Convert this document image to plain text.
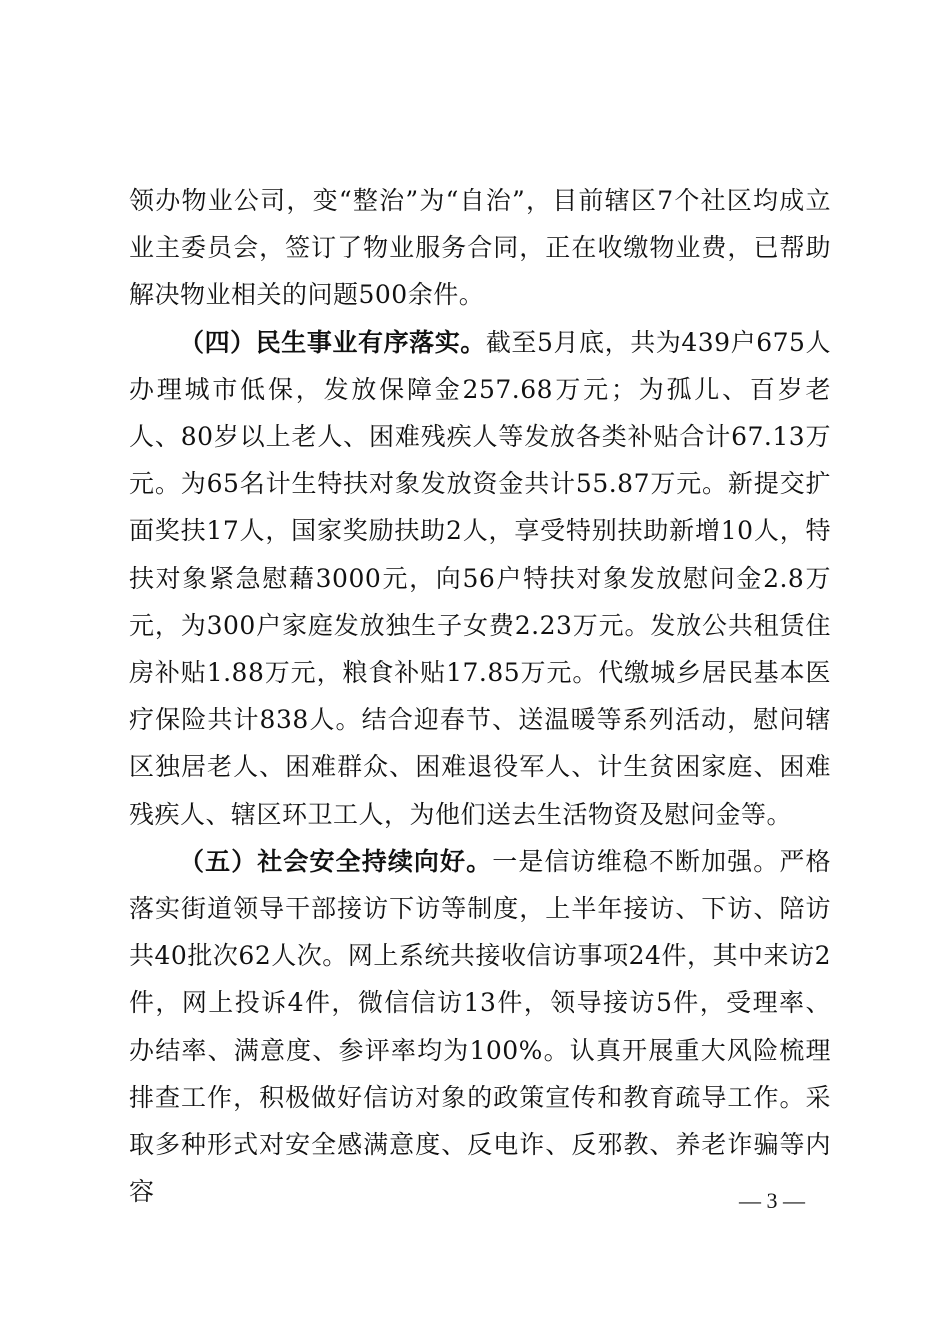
领办物业公司，变“整治”为“自治”，目前辖区7个社区均成立业主委员会，签订了物业服务合同，正在收缴物业费，已帮助解决物业相关的问题500余件。

（四）民生事业有序落实。截至5月底，共为439户675人办理城市低保，发放保障金257.68万元；为孤儿、百岁老人、80岁以上老人、困难残疾人等发放各类补贴合计67.13万元。为65名计生特扶对象发放资金共计55.87万元。新提交扩面奖扶17人，国家奖励扶助2人，享受特别扶助新增10人，特扶对象紧急慰藉3000元，向56户特扶对象发放慰问金2.8万元，为300户家庭发放独生子女费2.23万元。发放公共租赁住房补贴1.88万元，粮食补贴17.85万元。代缴城乡居民基本医疗保险共计838人。结合迎春节、送温暖等系列活动，慰问辖区独居老人、困难群众、困难退役军人、计生贫困家庭、困难残疾人、辖区环卫工人，为他们送去生活物资及慰问金等。

（五）社会安全持续向好。一是信访维稳不断加强。严格落实街道领导干部接访下访等制度，上半年接访、下访、陪访共40批次62人次。网上系统共接收信访事项24件，其中来访2件，网上投诉4件，微信信访13件，领导接访5件，受理率、办结率、满意度、参评率均为100%。认真开展重大风险梳理排查工作，积极做好信访对象的政策宣传和教育疏导工作。采取多种形式对安全感满意度、反电诈、反邪教、养老诈骗等内容	— 3 —
